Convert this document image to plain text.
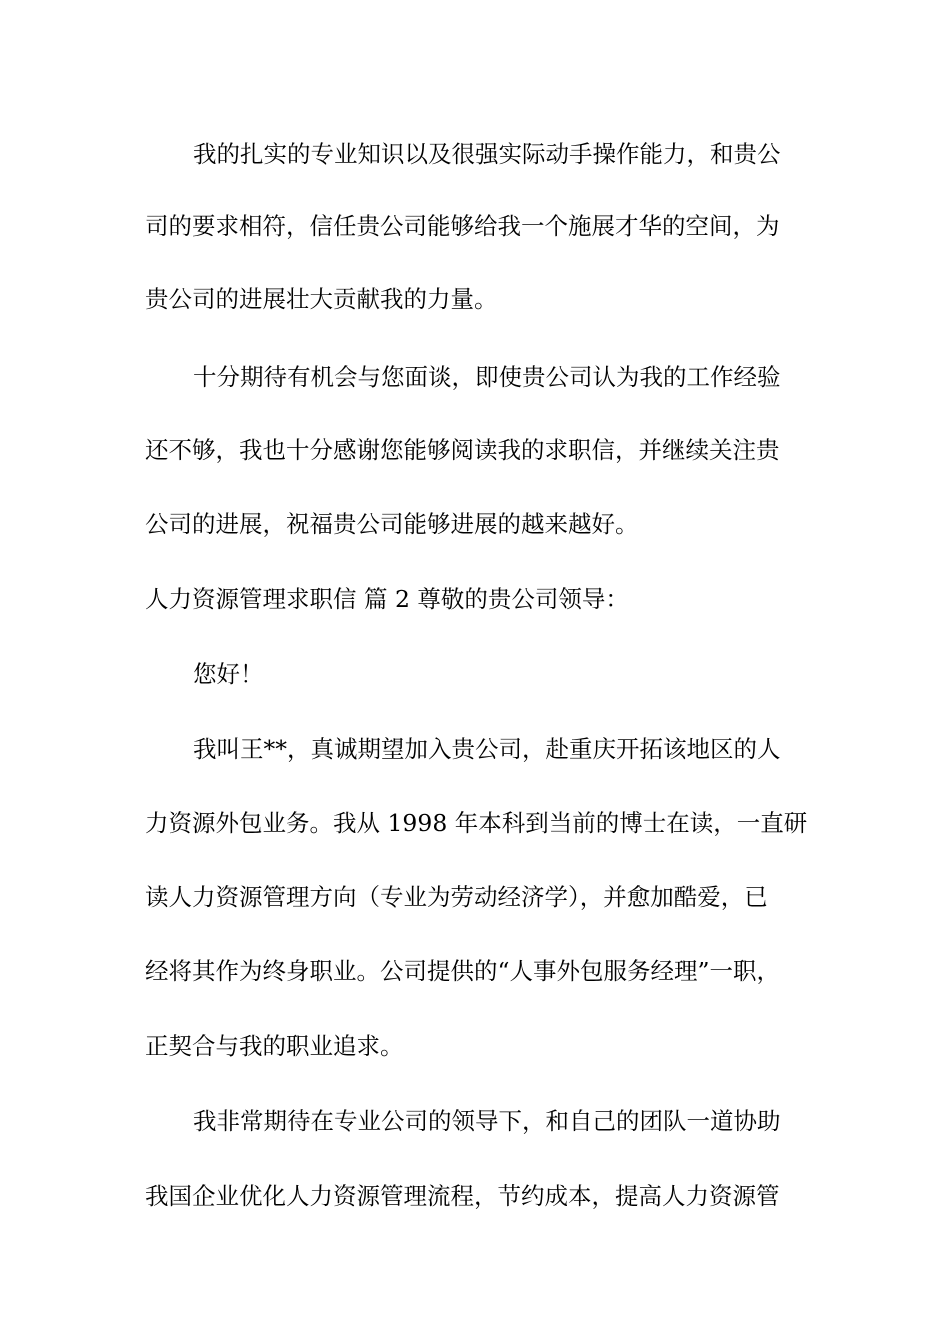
我的扎实的专业知识以及很强实际动手操作能力，和贵公
司的要求相符，信任贵公司能够给我一个施展才华的空间，为
贵公司的进展壮大贡献我的力量。
十分期待有机会与您面谈，即使贵公司认为我的工作经验
还不够，我也十分感谢您能够阅读我的求职信，并继续关注贵
公司的进展，祝福贵公司能够进展的越来越好。
人力资源管理求职信 篇 2 尊敬的贵公司领导：
您好！
我叫王**，真诚期望加入贵公司，赴重庆开拓该地区的人
力资源外包业务。我从 1998 年本科到当前的博士在读，一直研
读人力资源管理方向（专业为劳动经济学），并愈加酷爱，已
经将其作为终身职业。公司提供的“人事外包服务经理”一职，
正契合与我的职业追求。
我非常期待在专业公司的领导下，和自己的团队一道协助
我国企业优化人力资源管理流程，节约成本，提高人力资源管
